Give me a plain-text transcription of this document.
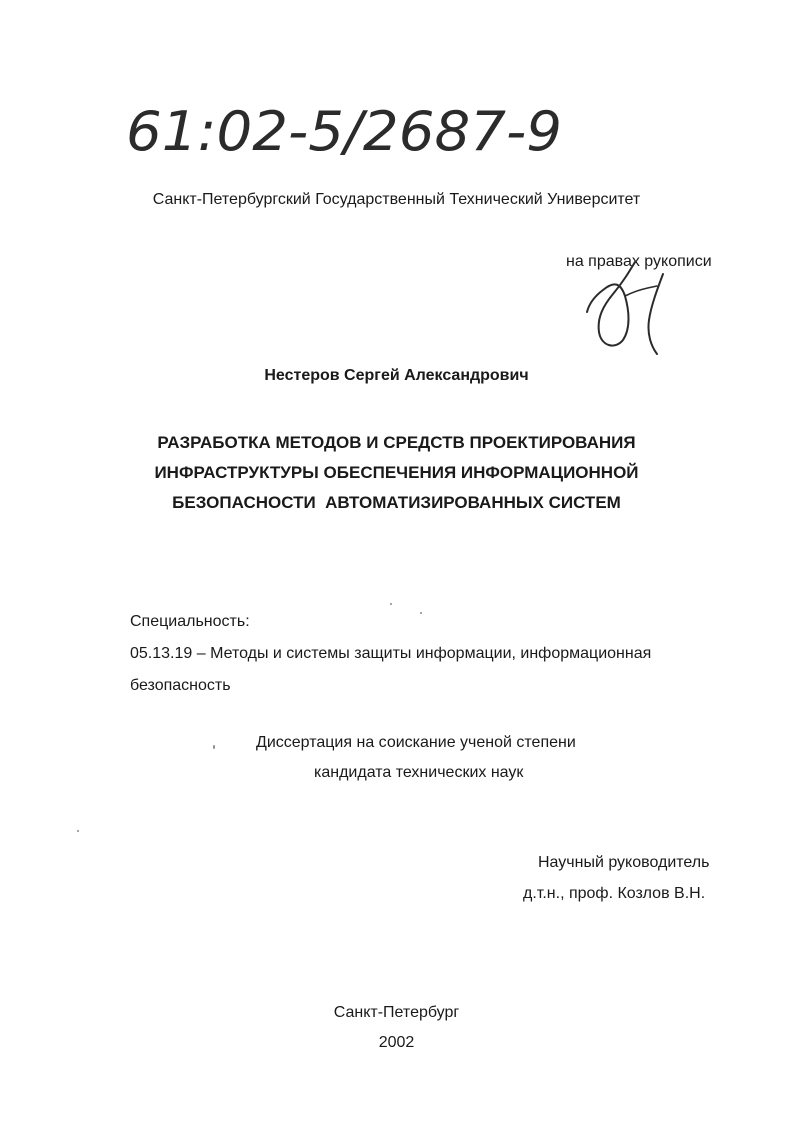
61:02-5/2687-9
Санкт-Петербургский Государственный Технический Университет
на правах рукописи
Нестеров Сергей Александрович
РАЗРАБОТКА МЕТОДОВ И СРЕДСТВ ПРОЕКТИРОВАНИЯ
ИНФРАСТРУКТУРЫ ОБЕСПЕЧЕНИЯ ИНФОРМАЦИОННОЙ
БЕЗОПАСНОСТИ  АВТОМАТИЗИРОВАННЫХ СИСТЕМ
Специальность:
05.13.19 – Методы и системы защиты информации, информационная
безопасность
Диссертация на соискание ученой степени
кандидата технических наук
Научный руководитель
д.т.н., проф. Козлов В.Н.
Санкт-Петербург
2002
